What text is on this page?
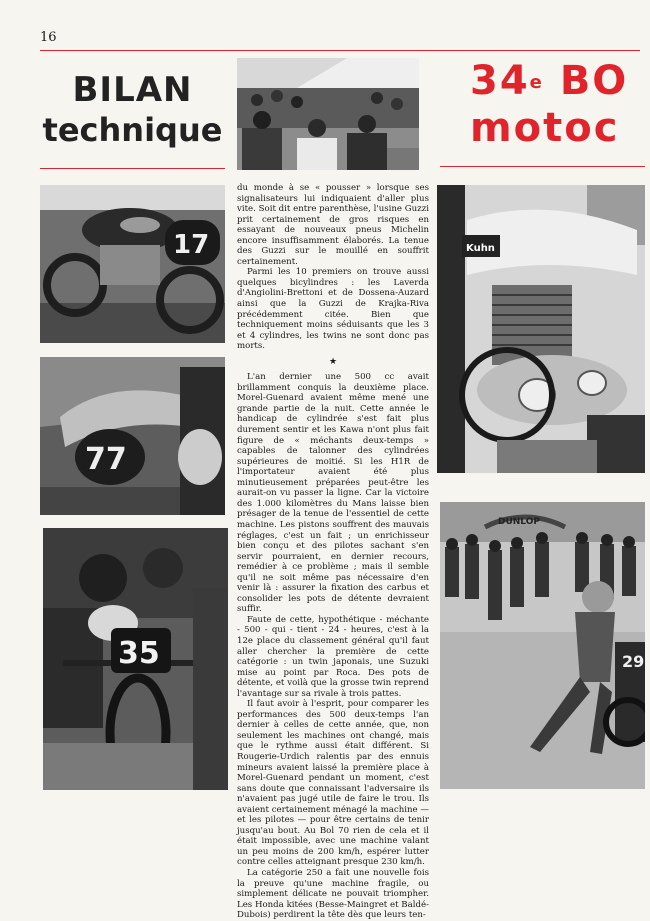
16
BILAN
technique
34e BO
motoc
17
77
35

du monde à se « pousser » lorsque ses signalisateurs lui indiquaient d'aller plus vite. Soit dit entre parenthèse, l'usine Guzzi prit certainement de gros risques en essayant de nouveaux pneus Michelin encore insuffisamment élaborés. La tenue des Guzzi sur le mouillé en souffrit certainement.

Parmi les 10 premiers on trouve aussi quelques bicylindres : les Laverda d'Angiolini-Brettoni et de Dossena-Auzard ainsi que la Guzzi de Krajka-Riva précédemment citée. Bien que techniquement moins séduisants que les 3 et 4 cylindres, les twins ne sont donc pas morts.

★

L'an dernier une 500 cc avait brillamment conquis la deuxième place. Morel-Guenard avaient même mené une grande partie de la nuit. Cette année le handicap de cylindrée s'est fait plus durement sentir et les Kawa n'ont plus fait figure de « méchants deux-temps » capables de talonner des cylindrées supérieures de moitié. Si les H1R de l'importateur avaient été plus minutieusement préparées peut-être les aurait-on vu passer la ligne. Car la victoire des 1.000 kilomètres du Mans laisse bien présager de la tenue de l'essentiel de cette machine. Les pistons souffrent des mauvais réglages, c'est un fait ; un enrichisseur bien conçu et des pilotes sachant s'en servir pourraient, en dernier recours, remédier à ce problème ; mais il semble qu'il ne soit même pas nécessaire d'en venir là : assurer la fixation des carbus et consolider les pots de détente devraient suffir.

Faute de cette, hypothétique - méchante - 500 - qui - tient - 24 - heures, c'est à la 12e place du classement général qu'il faut aller chercher la première de cette catégorie : un twin japonais, une Suzuki mise au point par Roca. Des pots de détente, et voilà que la grosse twin reprend l'avantage sur sa rivale à trois pattes.

Il faut avoir à l'esprit, pour comparer les performances des 500 deux-temps l'an dernier à celles de cette année, que, non seulement les machines ont changé, mais que le rythme aussi était différent. Si Rougerie-Urdich ralentis par des ennuis mineurs avaient laissé la première place à Morel-Guenard pendant un moment, c'est sans doute que connaissant l'adversaire ils n'avaient pas jugé utile de faire le trou. Ils avaient certainement ménagé la machine — et les pilotes — pour être certains de tenir jusqu'au bout. Au Bol 70 rien de cela et il était impossible, avec une machine valant un peu moins de 200 km/h, espérer lutter contre celles atteignant presque 230 km/h.

La catégorie 250 a fait une nouvelle fois la preuve qu'une machine fragile, ou simplement délicate ne pouvait triompher. Les Honda kitées (Besse-Maingret et Baldé-Dubois) perdirent la tête dès que leurs ten-

Kuhn
DUNLOP
29
